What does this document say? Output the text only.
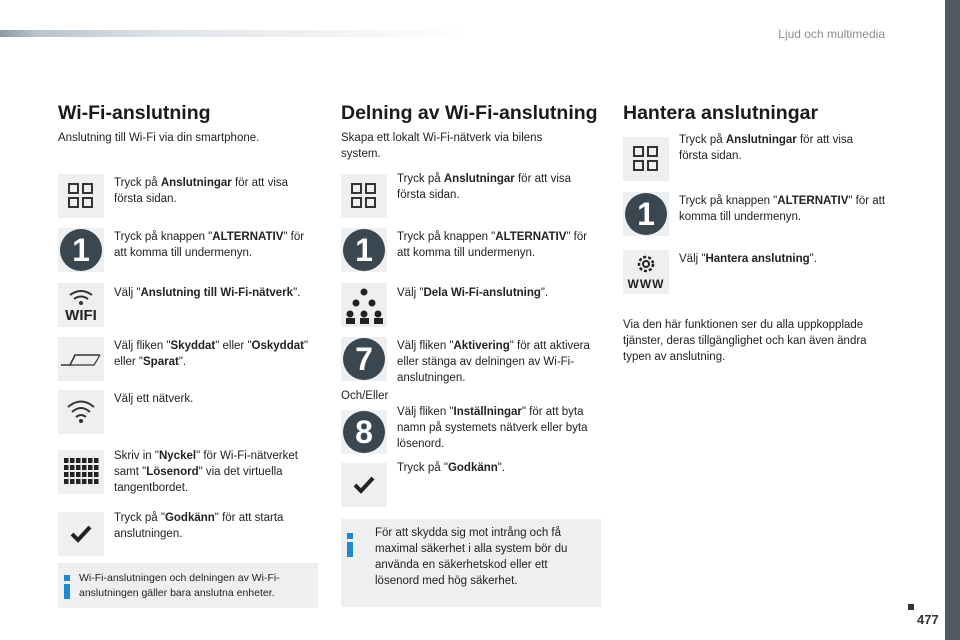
Ljud och multimedia
Wi-Fi-anslutning
Anslutning till Wi-Fi via din smartphone.
Tryck på Anslutningar för att visa första sidan.
1	Tryck på knappen "ALTERNATIV" för att komma till undermenyn.
WIFI
Välj "Anslutning till Wi-Fi-nätverk".
Välj fliken "Skyddat" eller "Oskyddat" eller "Sparat".
Välj ett nätverk.
Skriv in "Nyckel" för Wi-Fi-nätverket samt "Lösenord" via det virtuella tangentbordet.
Tryck på "Godkänn" för att starta anslutningen.
Wi-Fi-anslutningen och delningen av Wi-Fi-anslutningen gäller bara anslutna enheter.
Delning av Wi-Fi-anslutning
Skapa ett lokalt Wi-Fi-nätverk via bilens system.
Tryck på Anslutningar för att visa första sidan.
1	Tryck på knappen "ALTERNATIV" för att komma till undermenyn.
Välj "Dela Wi-Fi-anslutning".
7	Välj fliken "Aktivering" för att aktivera eller stänga av delningen av Wi-Fi-anslutningen.
Och/Eller
8
Välj fliken "Inställningar" för att byta namn på systemets nätverk eller byta lösenord.
Tryck på "Godkänn".
För att skydda sig mot intrång och få maximal säkerhet i alla system bör du använda en säkerhetskod eller ett lösenord med hög säkerhet.
Hantera anslutningar
Tryck på Anslutningar för att visa första sidan.
1	Tryck på knappen "ALTERNATIV" för att komma till undermenyn.
WWW
Välj "Hantera anslutning".
Via den här funktionen ser du alla uppkopplade tjänster, deras tillgänglighet och kan även ändra typen av anslutning.
477
